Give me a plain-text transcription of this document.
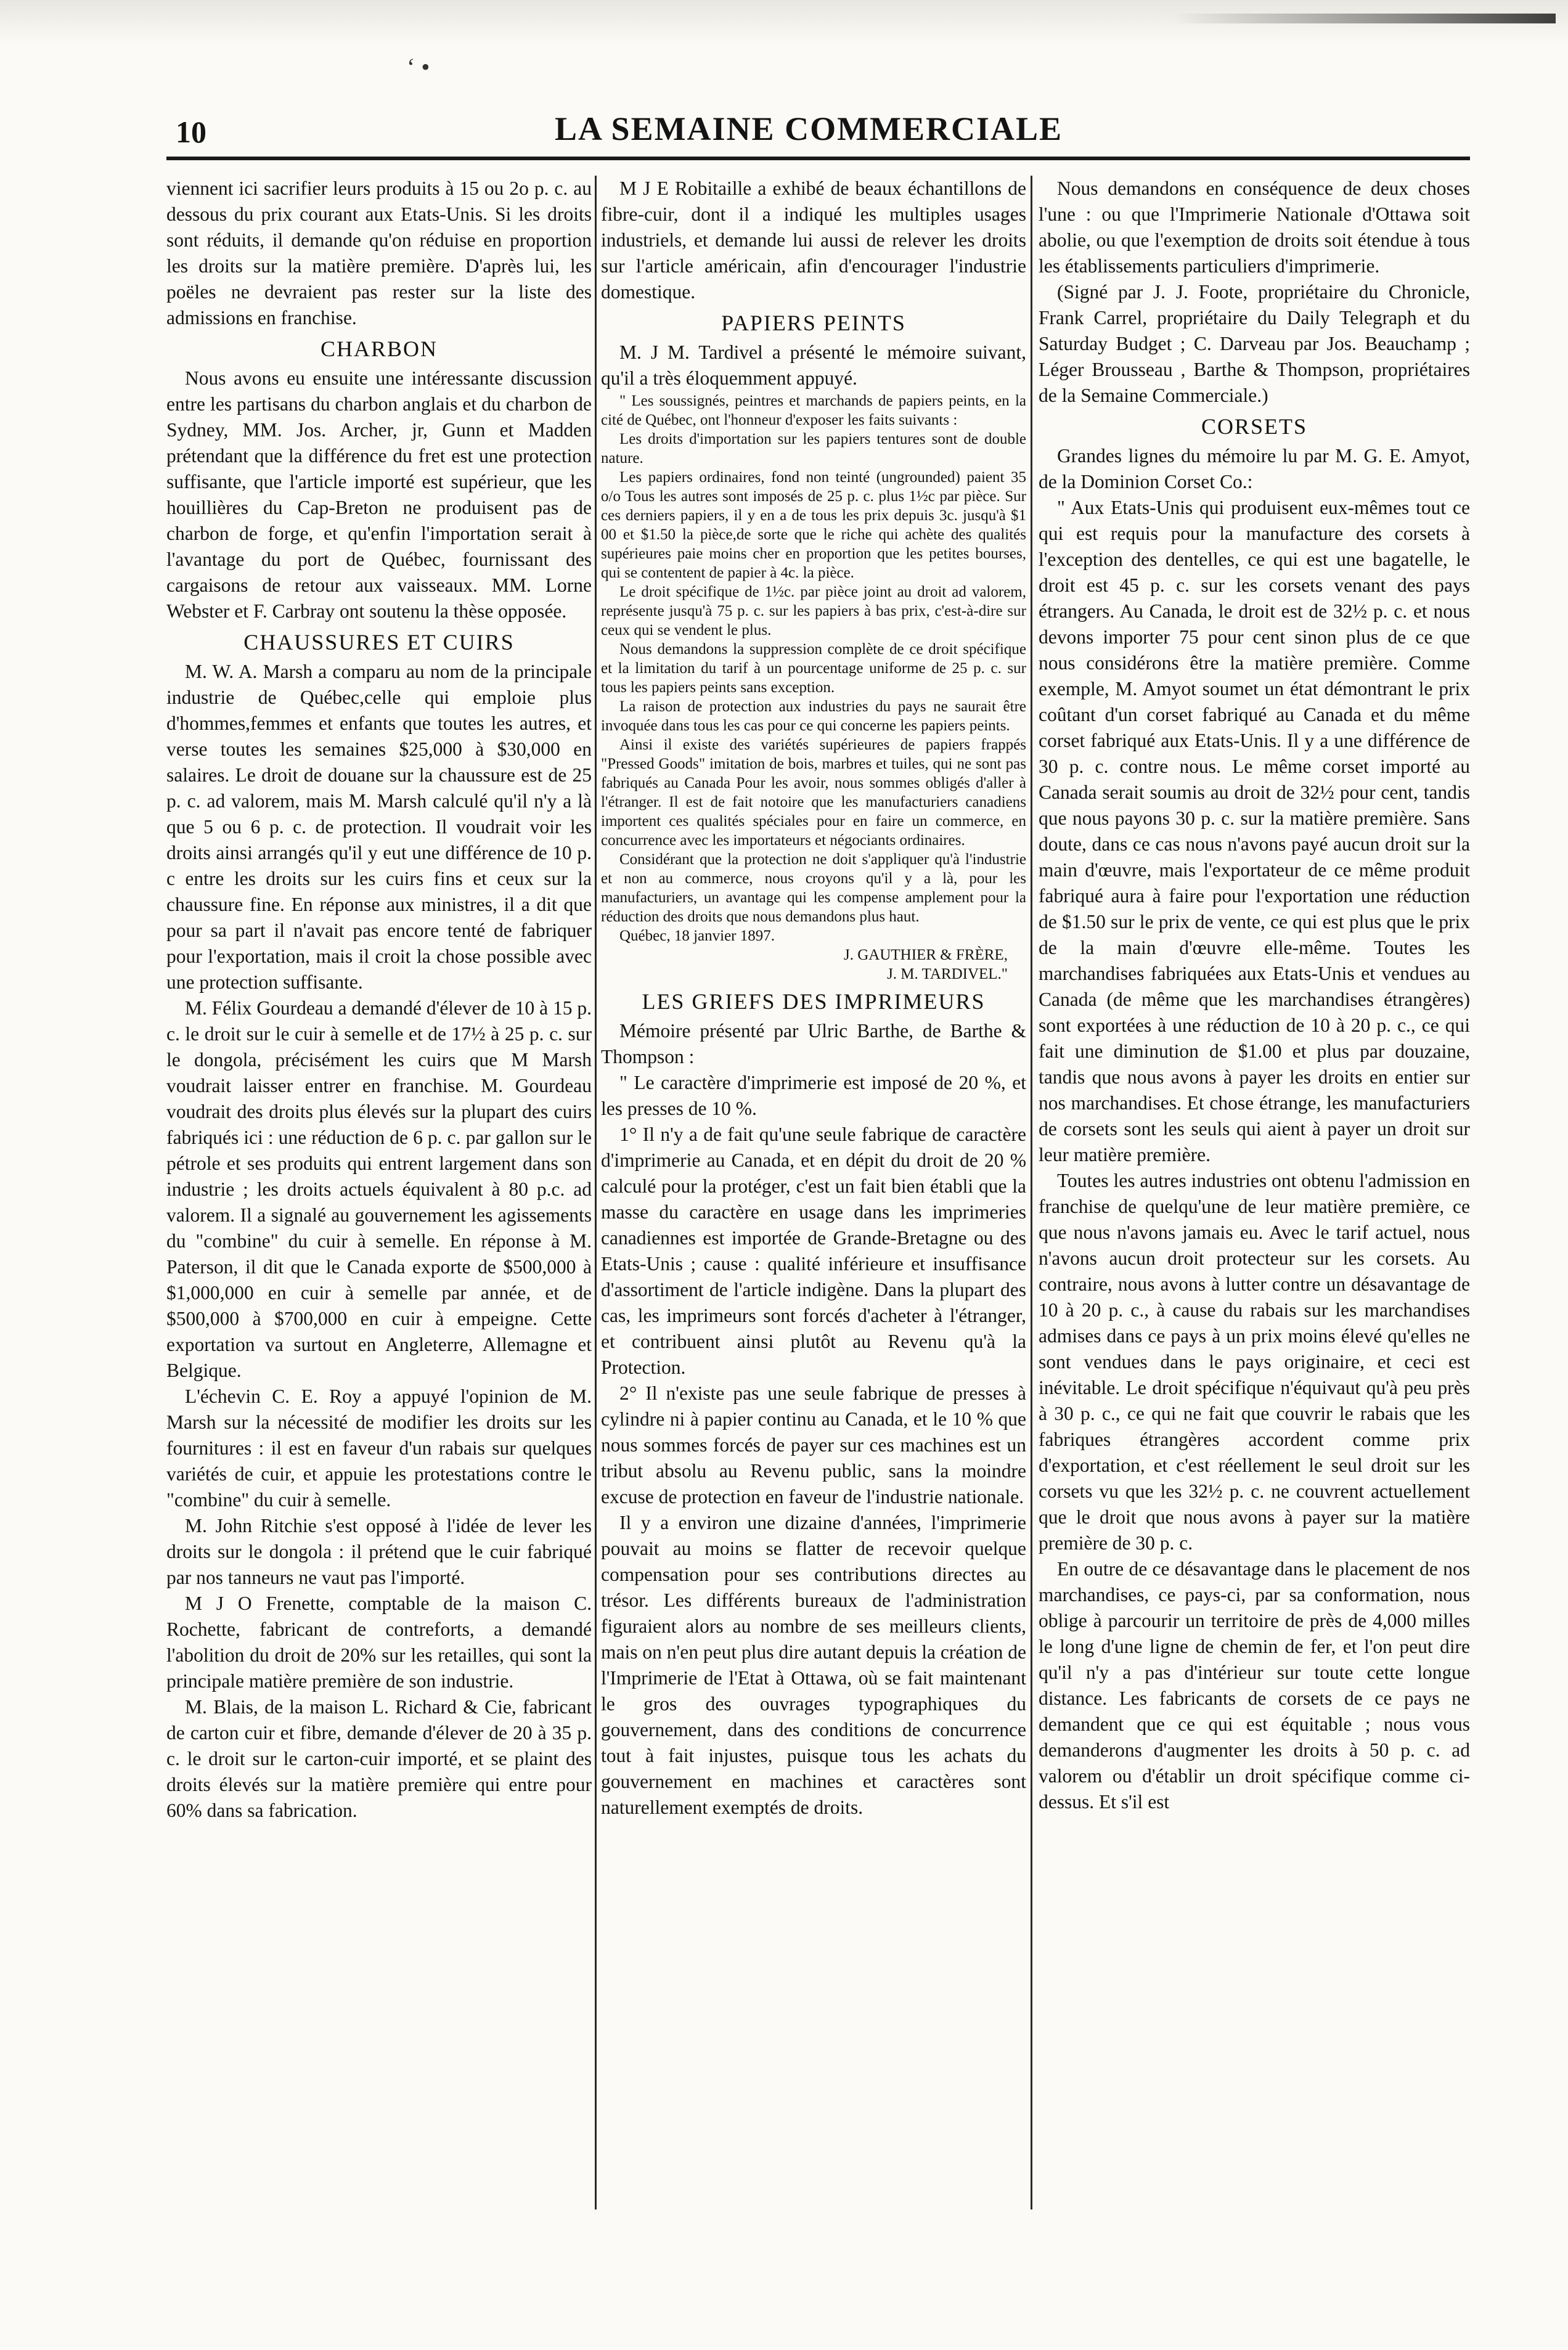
‘ •
10	LA SEMAINE COMMERCIALE

viennent ici sacrifier leurs produits à 15 ou 2o p. c. au dessous du prix courant aux Etats-Unis. Si les droits sont réduits, il demande qu'on réduise en proportion les droits sur la matière première. D'après lui, les poëles ne devraient pas rester sur la liste des admissions en franchise.

CHARBON

Nous avons eu ensuite une intéressante discussion entre les partisans du charbon anglais et du charbon de Sydney, MM. Jos. Archer, jr, Gunn et Madden prétendant que la différence du fret est une protection suffisante, que l'article importé est supérieur, que les houillières du Cap-Breton ne produisent pas de charbon de forge, et qu'enfin l'importation serait à l'avantage du port de Québec, fournissant des cargaisons de retour aux vaisseaux. MM. Lorne Webster et F. Carbray ont soutenu la thèse opposée.

CHAUSSURES ET CUIRS

M. W. A. Marsh a comparu au nom de la principale industrie de Québec,celle qui emploie plus d'hommes,femmes et enfants que toutes les autres, et verse toutes les semaines $25,000 à $30,000 en salaires. Le droit de douane sur la chaussure est de 25 p. c. ad valorem, mais M. Marsh calculé qu'il n'y a là que 5 ou 6 p. c. de protection. Il voudrait voir les droits ainsi arrangés qu'il y eut une différence de 10 p. c entre les droits sur les cuirs fins et ceux sur la chaussure fine. En réponse aux ministres, il a dit que pour sa part il n'avait pas encore tenté de fabriquer pour l'exportation, mais il croit la chose possible avec une protection suffisante.

M. Félix Gourdeau a demandé d'élever de 10 à 15 p. c. le droit sur le cuir à semelle et de 17½ à 25 p. c. sur le dongola, précisément les cuirs que M Marsh voudrait laisser entrer en franchise. M. Gourdeau voudrait des droits plus élevés sur la plupart des cuirs fabriqués ici : une réduction de 6 p. c. par gallon sur le pétrole et ses produits qui entrent largement dans son industrie ; les droits actuels équivalent à 80 p.c. ad valorem. Il a signalé au gouvernement les agissements du "combine" du cuir à semelle. En réponse à M. Paterson, il dit que le Canada exporte de $500,000 à $1,000,000 en cuir à semelle par année, et de $500,000 à $700,000 en cuir à empeigne. Cette exportation va surtout en Angleterre, Allemagne et Belgique.

L'échevin C. E. Roy a appuyé l'opinion de M. Marsh sur la nécessité de modifier les droits sur les fournitures : il est en faveur d'un rabais sur quelques variétés de cuir, et appuie les protestations contre le "combine" du cuir à semelle.

M. John Ritchie s'est opposé à l'idée de lever les droits sur le dongola : il prétend que le cuir fabriqué par nos tanneurs ne vaut pas l'importé.

M J O Frenette, comptable de la maison C. Rochette, fabricant de contreforts, a demandé l'abolition du droit de 20% sur les retailles, qui sont la principale matière première de son industrie.

M. Blais, de la maison L. Richard & Cie, fabricant de carton cuir et fibre, demande d'élever de 20 à 35 p. c. le droit sur le carton-cuir importé, et se plaint des droits élevés sur la matière première qui entre pour 60% dans sa fabrication.

M J E Robitaille a exhibé de beaux échantillons de fibre-cuir, dont il a indiqué les multiples usages industriels, et demande lui aussi de relever les droits sur l'article américain, afin d'encourager l'industrie domestique.

PAPIERS PEINTS

M. J M. Tardivel a présenté le mémoire suivant, qu'il a très éloquemment appuyé.

" Les soussignés, peintres et marchands de papiers peints, en la cité de Québec, ont l'honneur d'exposer les faits suivants :

Les droits d'importation sur les papiers tentures sont de double nature.

Les papiers ordinaires, fond non teinté (ungrounded) paient 35 o/o Tous les autres sont imposés de 25 p. c. plus 1½c par pièce. Sur ces derniers papiers, il y en a de tous les prix depuis 3c. jusqu'à $1 00 et $1.50 la pièce,de sorte que le riche qui achète des qualités supérieures paie moins cher en proportion que les petites bourses, qui se contentent de papier à 4c. la pièce.

Le droit spécifique de 1½c. par pièce joint au droit ad valorem, représente jusqu'à 75 p. c. sur les papiers à bas prix, c'est-à-dire sur ceux qui se vendent le plus.

Nous demandons la suppression complète de ce droit spécifique et la limitation du tarif à un pourcentage uniforme de 25 p. c. sur tous les papiers peints sans exception.

La raison de protection aux industries du pays ne saurait être invoquée dans tous les cas pour ce qui concerne les papiers peints.

Ainsi il existe des variétés supérieures de papiers frappés "Pressed Goods" imitation de bois, marbres et tuiles, qui ne sont pas fabriqués au Canada Pour les avoir, nous sommes obligés d'aller à l'étranger. Il est de fait notoire que les manufacturiers canadiens importent ces qualités spéciales pour en faire un commerce, en concurrence avec les importateurs et négociants ordinaires.

Considérant que la protection ne doit s'appliquer qu'à l'industrie et non au commerce, nous croyons qu'il y a là, pour les manufacturiers, un avantage qui les compense amplement pour la réduction des droits que nous demandons plus haut.

Québec, 18 janvier 1897.

J. GAUTHIER & FRÈRE,

J. M. TARDIVEL."

LES GRIEFS DES IMPRIMEURS

Mémoire présenté par Ulric Barthe, de Barthe & Thompson :

" Le caractère d'imprimerie est imposé de 20 %, et les presses de 10 %.

1° Il n'y a de fait qu'une seule fabrique de caractère d'imprimerie au Canada, et en dépit du droit de 20 % calculé pour la protéger, c'est un fait bien établi que la masse du caractère en usage dans les imprimeries canadiennes est importée de Grande-Bretagne ou des Etats-Unis ; cause : qualité inférieure et insuffisance d'assortiment de l'article indigène. Dans la plupart des cas, les imprimeurs sont forcés d'acheter à l'étranger, et contribuent ainsi plutôt au Revenu qu'à la Protection.

2° Il n'existe pas une seule fabrique de presses à cylindre ni à papier continu au Canada, et le 10 % que nous sommes forcés de payer sur ces machines est un tribut absolu au Revenu public, sans la moindre excuse de protection en faveur de l'industrie nationale.

Il y a environ une dizaine d'années, l'imprimerie pouvait au moins se flatter de recevoir quelque compensation pour ses contributions directes au trésor. Les différents bureaux de l'administration figuraient alors au nombre de ses meilleurs clients, mais on n'en peut plus dire autant depuis la création de l'Imprimerie de l'Etat à Ottawa, où se fait maintenant le gros des ouvrages typographiques du gouvernement, dans des conditions de concurrence tout à fait injustes, puisque tous les achats du gouvernement en machines et caractères sont naturellement exemptés de droits.

Nous demandons en conséquence de deux choses l'une : ou que l'Imprimerie Nationale d'Ottawa soit abolie, ou que l'exemption de droits soit étendue à tous les établissements particuliers d'imprimerie.

(Signé par J. J. Foote, propriétaire du Chronicle, Frank Carrel, propriétaire du Daily Telegraph et du Saturday Budget ; C. Darveau par Jos. Beauchamp ; Léger Brousseau , Barthe & Thompson, propriétaires de la Semaine Commerciale.)

CORSETS

Grandes lignes du mémoire lu par M. G. E. Amyot, de la Dominion Corset Co.:

" Aux Etats-Unis qui produisent eux-mêmes tout ce qui est requis pour la manufacture des corsets à l'exception des dentelles, ce qui est une bagatelle, le droit est 45 p. c. sur les corsets venant des pays étrangers. Au Canada, le droit est de 32½ p. c. et nous devons importer 75 pour cent sinon plus de ce que nous considérons être la matière première. Comme exemple, M. Amyot soumet un état démontrant le prix coûtant d'un corset fabriqué au Canada et du même corset fabriqué aux Etats-Unis. Il y a une différence de 30 p. c. contre nous. Le même corset importé au Canada serait soumis au droit de 32½ pour cent, tandis que nous payons 30 p. c. sur la matière première. Sans doute, dans ce cas nous n'avons payé aucun droit sur la main d'œuvre, mais l'exportateur de ce même produit fabriqué aura à faire pour l'exportation une réduction de $1.50 sur le prix de vente, ce qui est plus que le prix de la main d'œuvre elle-même. Toutes les marchandises fabriquées aux Etats-Unis et vendues au Canada (de même que les marchandises étrangères) sont exportées à une réduction de 10 à 20 p. c., ce qui fait une diminution de $1.00 et plus par douzaine, tandis que nous avons à payer les droits en entier sur nos marchandises. Et chose étrange, les manufacturiers de corsets sont les seuls qui aient à payer un droit sur leur matière première.

Toutes les autres industries ont obtenu l'admission en franchise de quelqu'une de leur matière première, ce que nous n'avons jamais eu. Avec le tarif actuel, nous n'avons aucun droit protecteur sur les corsets. Au contraire, nous avons à lutter contre un désavantage de 10 à 20 p. c., à cause du rabais sur les marchandises admises dans ce pays à un prix moins élevé qu'elles ne sont vendues dans le pays originaire, et ceci est inévitable. Le droit spécifique n'équivaut qu'à peu près à 30 p. c., ce qui ne fait que couvrir le rabais que les fabriques étrangères accordent comme prix d'exportation, et c'est réellement le seul droit sur les corsets vu que les 32½ p. c. ne couvrent actuellement que le droit que nous avons à payer sur la matière première de 30 p. c.

En outre de ce désavantage dans le placement de nos marchandises, ce pays-ci, par sa conformation, nous oblige à parcourir un territoire de près de 4,000 milles le long d'une ligne de chemin de fer, et l'on peut dire qu'il n'y a pas d'intérieur sur toute cette longue distance. Les fabricants de corsets de ce pays ne demandent que ce qui est équitable ; nous vous demanderons d'augmenter les droits à 50 p. c. ad valorem ou d'établir un droit spécifique comme ci-dessus. Et s'il est
